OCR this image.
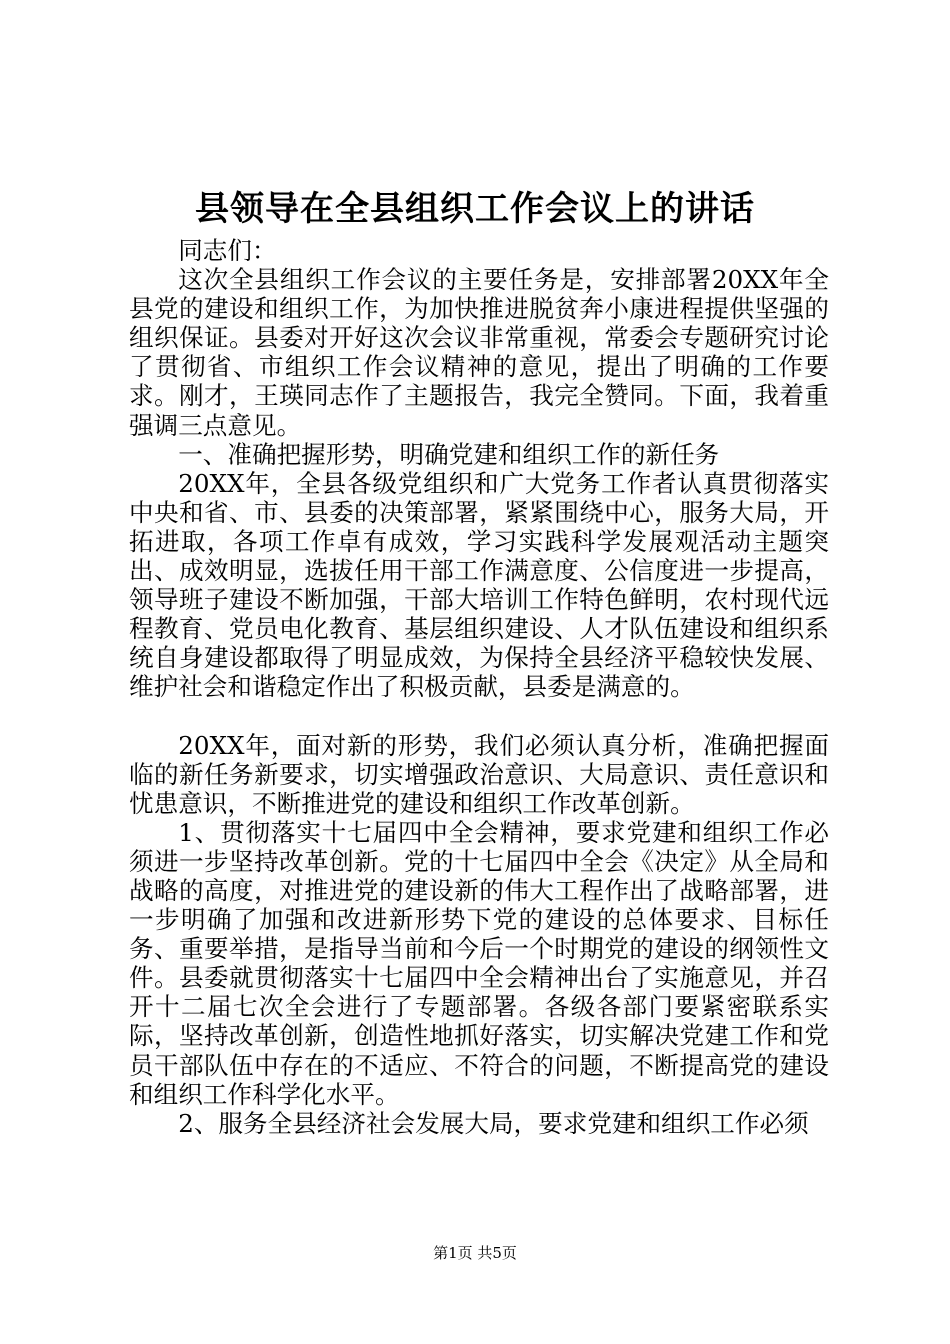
县领导在全县组织工作会议上的讲话

同志们：

这次全县组织工作会议的主要任务是，安排部署20XX年全县党的建设和组织工作，为加快推进脱贫奔小康进程提供坚强的组织保证。县委对开好这次会议非常重视，常委会专题研究讨论了贯彻省、市组织工作会议精神的意见，提出了明确的工作要求。刚才，王瑛同志作了主题报告，我完全赞同。下面，我着重强调三点意见。

一、准确把握形势，明确党建和组织工作的新任务

20XX年，全县各级党组织和广大党务工作者认真贯彻落实中央和省、市、县委的决策部署，紧紧围绕中心，服务大局，开拓进取，各项工作卓有成效，学习实践科学发展观活动主题突出、成效明显，选拔任用干部工作满意度、公信度进一步提高，领导班子建设不断加强，干部大培训工作特色鲜明，农村现代远程教育、党员电化教育、基层组织建设、人才队伍建设和组织系统自身建设都取得了明显成效，为保持全县经济平稳较快发展、维护社会和谐稳定作出了积极贡献，县委是满意的。

20XX年，面对新的形势，我们必须认真分析，准确把握面临的新任务新要求，切实增强政治意识、大局意识、责任意识和忧患意识，不断推进党的建设和组织工作改革创新。

1、贯彻落实十七届四中全会精神，要求党建和组织工作必须进一步坚持改革创新。党的十七届四中全会《决定》从全局和战略的高度，对推进党的建设新的伟大工程作出了战略部署，进一步明确了加强和改进新形势下党的建设的总体要求、目标任务、重要举措，是指导当前和今后一个时期党的建设的纲领性文件。县委就贯彻落实十七届四中全会精神出台了实施意见，并召开十二届七次全会进行了专题部署。各级各部门要紧密联系实际，坚持改革创新，创造性地抓好落实，切实解决党建工作和党员干部队伍中存在的不适应、不符合的问题，不断提高党的建设和组织工作科学化水平。

2、服务全县经济社会发展大局，要求党建和组织工作必须

第1页 共5页
